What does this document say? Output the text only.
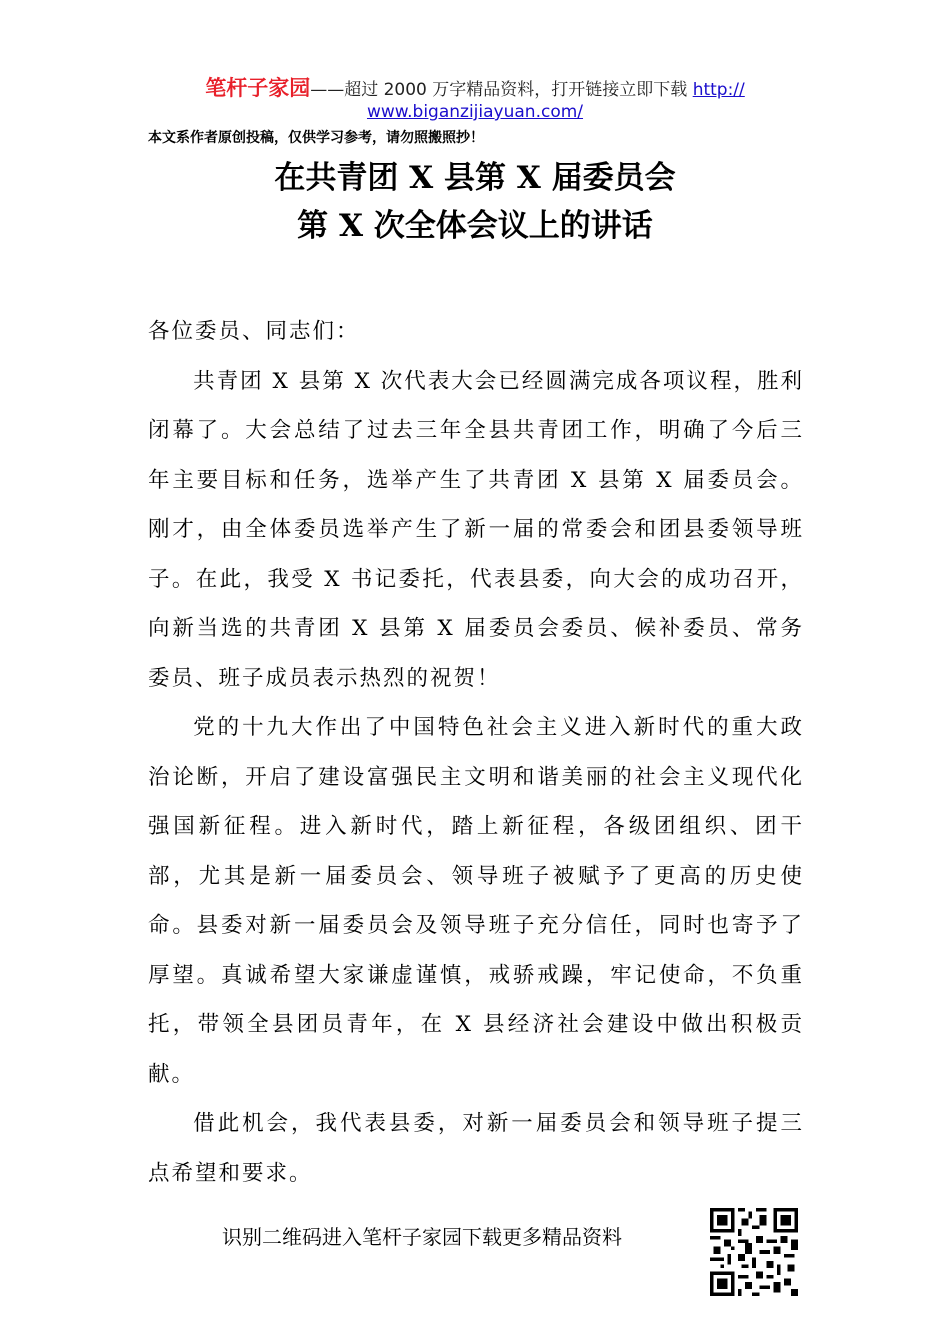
笔杆子家园——超过 2000 万字精品资料，打开链接立即下载 http://
www.biganzijiayuan.com/
本文系作者原创投稿，仅供学习参考，请勿照搬照抄！
在共青团 X 县第 X 届委员会
第 X 次全体会议上的讲话

各位委员、同志们：

共青团 X 县第 X 次代表大会已经圆满完成各项议程，胜利闭幕了。大会总结了过去三年全县共青团工作，明确了今后三年主要目标和任务，选举产生了共青团 X 县第 X 届委员会。刚才，由全体委员选举产生了新一届的常委会和团县委领导班子。在此，我受 X 书记委托，代表县委，向大会的成功召开，向新当选的共青团 X 县第 X 届委员会委员、候补委员、常务委员、班子成员表示热烈的祝贺！

党的十九大作出了中国特色社会主义进入新时代的重大政治论断，开启了建设富强民主文明和谐美丽的社会主义现代化强国新征程。进入新时代，踏上新征程，各级团组织、团干部，尤其是新一届委员会、领导班子被赋予了更高的历史使命。县委对新一届委员会及领导班子充分信任，同时也寄予了厚望。真诚希望大家谦虚谨慎，戒骄戒躁，牢记使命，不负重托，带领全县团员青年，在 X 县经济社会建设中做出积极贡献。

借此机会，我代表县委，对新一届委员会和领导班子提三点希望和要求。

识别二维码进入笔杆子家园下载更多精品资料
